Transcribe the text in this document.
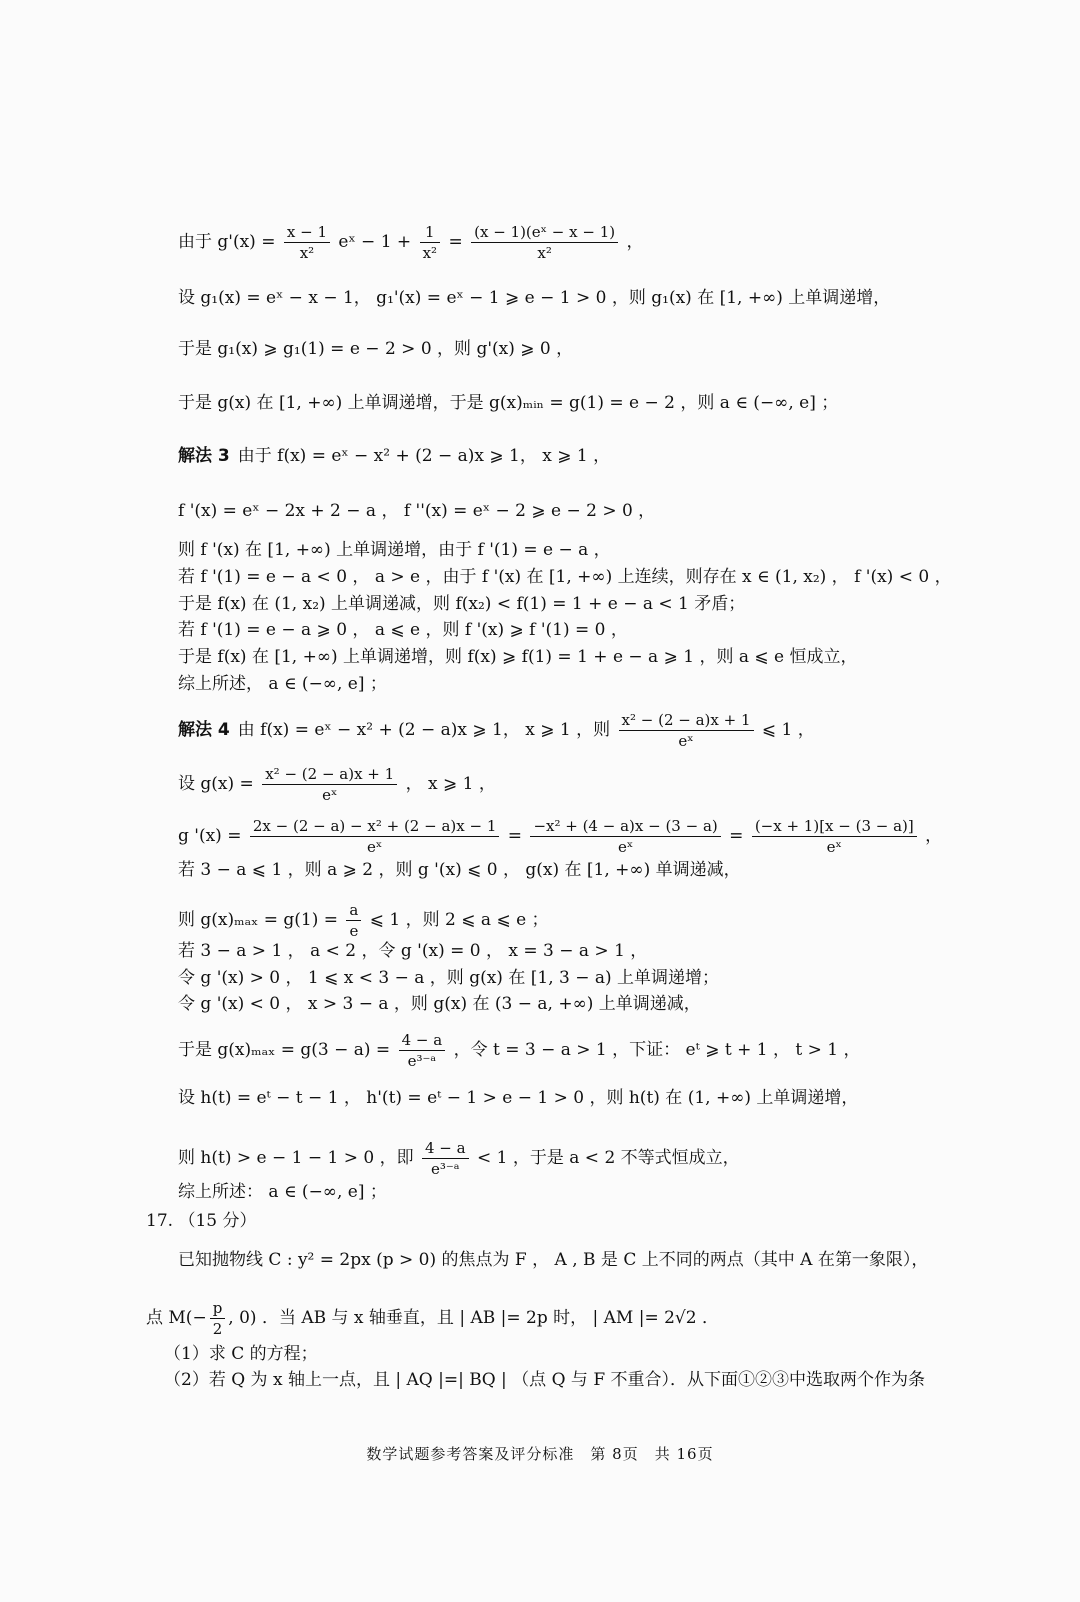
由于 $g'(x) = \frac{x - 1}{\text{x²}}$ eˣ − $1 + \frac{1}{\text{x²}} = \frac{\text{(x − 1)(eˣ − x − 1)}}{\text{x²}}$ ，
设 g₁(x) = eˣ − x − 1， g₁'(x) = eˣ − 1 ⩾ e − 1 > 0 ，则 g₁(x) 在 [1, +∞) 上单调递增，
于是 g₁(x) ⩾ g₁(1) = e − 2 > 0 ，则 g'(x) ⩾ 0 ，
于是 g(x) 在 [1, +∞) 上单调递增，于是 g(x)ₘᵢₙ = g(1) = e − 2 ，则 a ∈ (−∞, e] ；
解法 3 由于 f(x) = eˣ − x² + (2 − a)x ⩾ 1， x ⩾ 1 ，
f '(x) = eˣ − 2x + 2 − a ， f ''(x) = eˣ − 2 ⩾ e − 2 > 0 ，
则 f '(x) 在 [1, +∞) 上单调递增，由于 f '(1) = e − a ，
若 f '(1) = e − a < 0 ， a > e ，由于 f '(x) 在 [1, +∞) 上连续，则存在 x ∈ (1, x₂) ， f '(x) < 0 ，
于是 f(x) 在 (1, x₂) 上单调递减，则 f(x₂) < f(1) = 1 + e − a < 1 矛盾；
若 f '(1) = e − a ⩾ 0 ， a ⩽ e ，则 f '(x) ⩾ f '(1) = 0 ，
于是 f(x) 在 [1, +∞) 上单调递增，则 f(x) ⩾ f(1) = 1 + e − a ⩾ 1 ，则 a ⩽ e 恒成立，
综上所述， a ∈ (−∞, e] ；
解法 4 由 f(x) = eˣ − x² + (2 − a)x ⩾ 1， x ⩾ 1 ，则 $\frac{\text{x² − (2 − a)x + 1}}{\text{eˣ}}$ ⩽ 1 ，
设 $g(x) = \frac{\text{x² − (2 − a)x + 1}}{\text{eˣ}}$ ， x ⩾ 1 ，
g '$(x) = \frac{\text{2x − (2 − a) − x² + (2 − a)x − 1}}{\text{eˣ}} = \frac{\text{−x² + (4 − a)x − (3 − a)}}{\text{eˣ}} = \frac{(-x + 1)[x - (3 - a)]}{\text{eˣ}}$ ，
若 3 − a ⩽ 1 ，则 a ⩾ 2 ，则 g '(x) ⩽ 0 ， g(x) 在 [1, +∞) 单调递减，
则 $g(x)_{max} = g(1) = \frac{a}{e}$ ⩽ 1 ，则 2 ⩽ a ⩽ e ；
若 3 − a > 1 ， a < 2 ，令 g '(x) = 0 ， x = 3 − a > 1 ，
令 g '(x) > 0 ， 1 ⩽ x < 3 − a ，则 g(x) 在 [1, 3 − a) 上单调递增；
令 g '(x) < 0 ， x > 3 − a ，则 g(x) 在 (3 − a, +∞) 上单调递减，
于是 $g(x)_{max} = g(3 - a) = \frac{4 - a}{\text{e³⁻ᵃ}}$ ，令 t = 3 − a > 1 ，下证： eᵗ ⩾ t + 1 ， t > 1 ，
设 h(t) = eᵗ − t − 1 ， h'(t) = eᵗ − 1 > e − 1 > 0 ，则 h(t) 在 (1, +∞) 上单调递增，
则 h(t) > e − 1 − 1 > 0 ，即 $\frac{4 - a}{\text{e³⁻ᵃ}} < 1$ ，于是 a < 2 不等式恒成立，
综上所述： a ∈ (−∞, e] ；
17. （15 分）
已知抛物线 C : y² = 2px (p > 0) 的焦点为 F ， A , B 是 C 上不同的两点（其中 A 在第一象限），
点 $M(- \frac{p}{2}$ , 0) ．当 AB 与 x 轴垂直，且 | AB |= 2p 时， | AM |= 2√2 ．
（1）求 C 的方程；
（2）若 Q 为 x 轴上一点，且 | AQ |=| BQ | （点 Q 与 F 不重合）．从下面①②③中选取两个作为条
数学试题参考答案及评分标准　第 8页　共 16页
